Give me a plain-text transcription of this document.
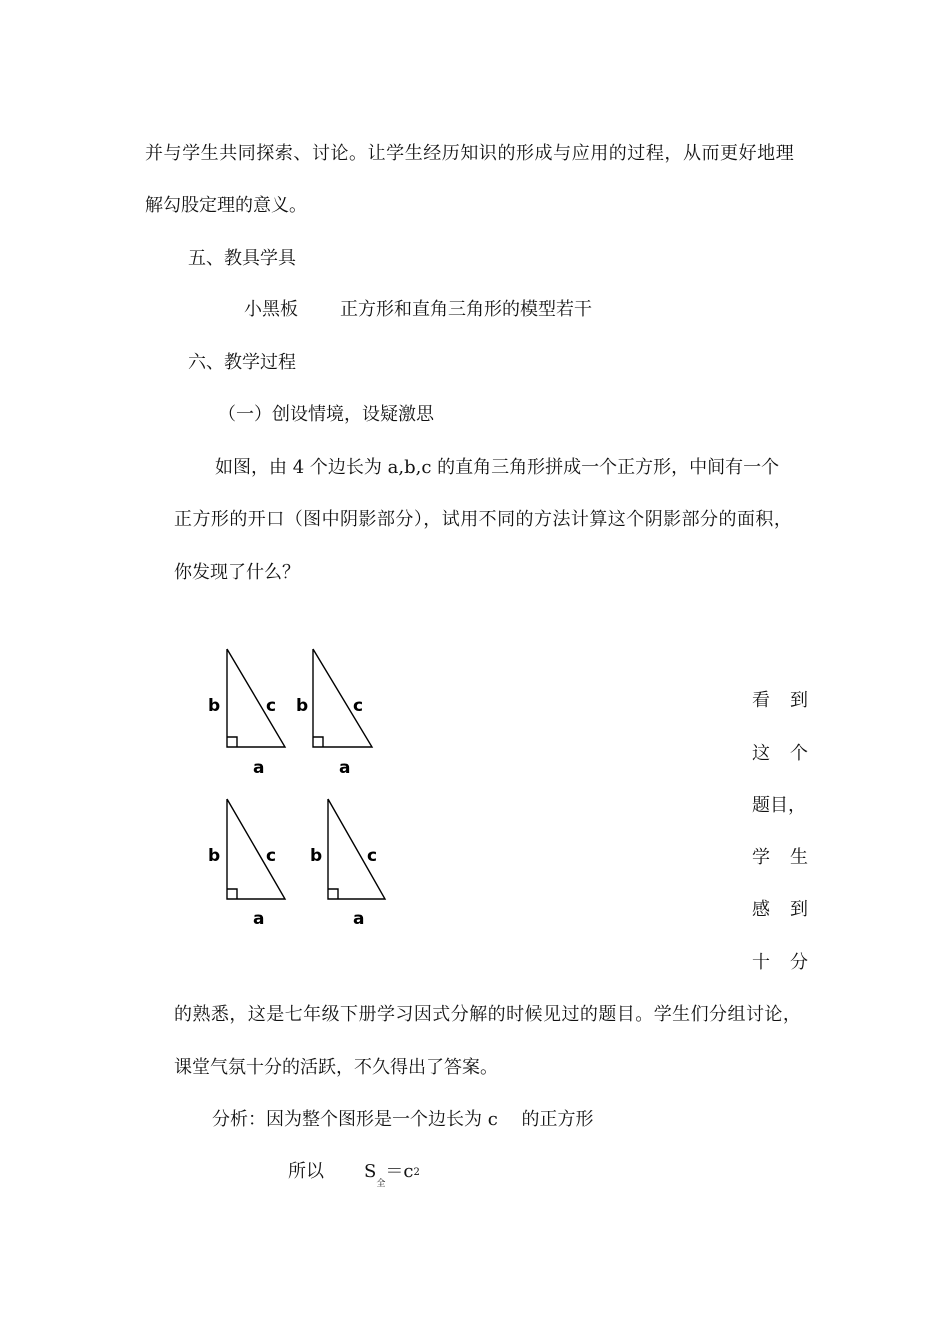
并与学生共同探索、讨论。让学生经历知识的形成与应用的过程，从而更好地理
解勾股定理的意义。
五、教具学具
小黑板 正方形和直角三角形的模型若干
六、教学过程
（一）创设情境，设疑激思
如图，由 4 个边长为 a,b,c 的直角三角形拼成一个正方形，中间有一个
正方形的开口（图中阴影部分），试用不同的方法计算这个阴影部分的面积，
你发现了什么？
b	c
a
b	c
a
b	c
a
b	c
a
看 到
这 个
题目，
学 生
感 到
十 分
的熟悉，这是七年级下册学习因式分解的时候见过的题目。学生们分组讨论，
课堂气氛十分的活跃，不久得出了答案。
分析：因为整个图形是一个边长为 c　 的正方形
所以 $S_全=c2$
